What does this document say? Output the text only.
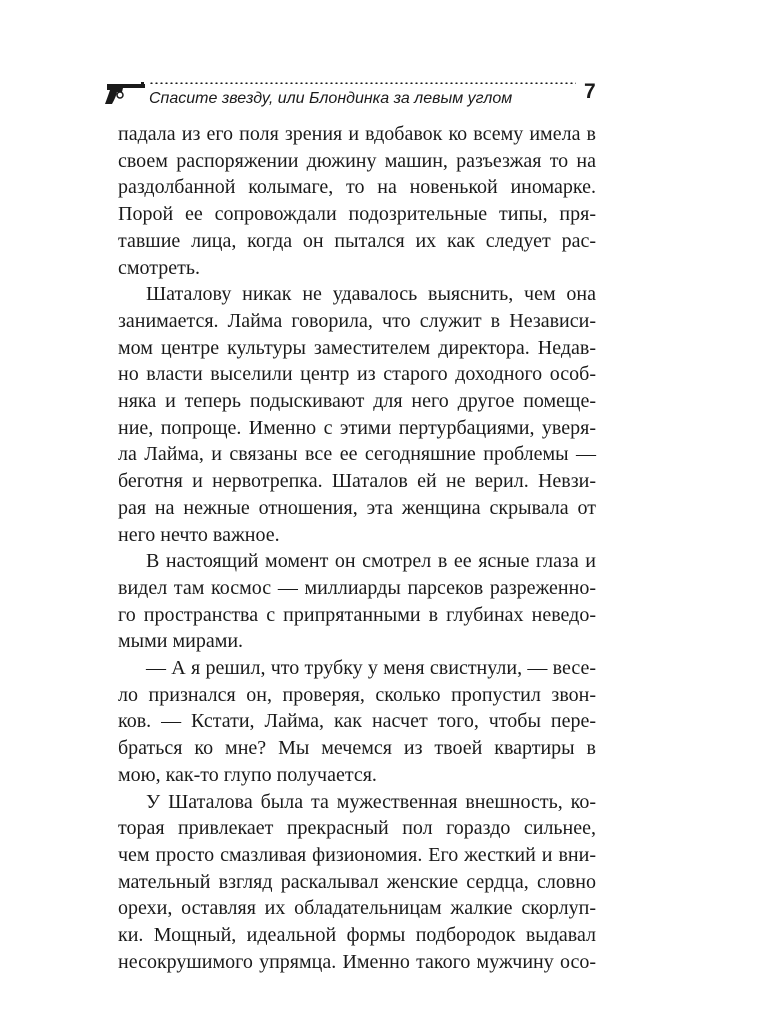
Спасите звезду, или Блондинка за левым углом	7

падала из его поля зрения и вдобавок ко всему имела в

своем распоряжении дюжину машин, разъезжая то на

раздолбанной колымаге, то на новенькой иномарке.

Порой ее сопровождали подозрительные типы, пря-

тавшие лица, когда он пытался их как следует рас-

смотреть.

Шаталову никак не удавалось выяснить, чем она

занимается. Лайма говорила, что служит в Независи-

мом центре культуры заместителем директора. Недав-

но власти выселили центр из старого доходного особ-

няка и теперь подыскивают для него другое помеще-

ние, попроще. Именно с этими пертурбациями, уверя-

ла Лайма, и связаны все ее сегодняшние проблемы —

беготня и нервотрепка. Шаталов ей не верил. Невзи-

рая на нежные отношения, эта женщина скрывала от

него нечто важное.

В настоящий момент он смотрел в ее ясные глаза и

видел там космос — миллиарды парсеков разреженно-

го пространства с припрятанными в глубинах неведо-

мыми мирами.

— А я решил, что трубку у меня свистнули, — весе-

ло признался он, проверяя, сколько пропустил звон-

ков. — Кстати, Лайма, как насчет того, чтобы пере-

браться ко мне? Мы мечемся из твоей квартиры в

мою, как-то глупо получается.

У Шаталова была та мужественная внешность, ко-

торая привлекает прекрасный пол гораздо сильнее,

чем просто смазливая физиономия. Его жесткий и вни-

мательный взгляд раскалывал женские сердца, словно

орехи, оставляя их обладательницам жалкие скорлуп-

ки. Мощный, идеальной формы подбородок выдавал

несокрушимого упрямца. Именно такого мужчину осо-
